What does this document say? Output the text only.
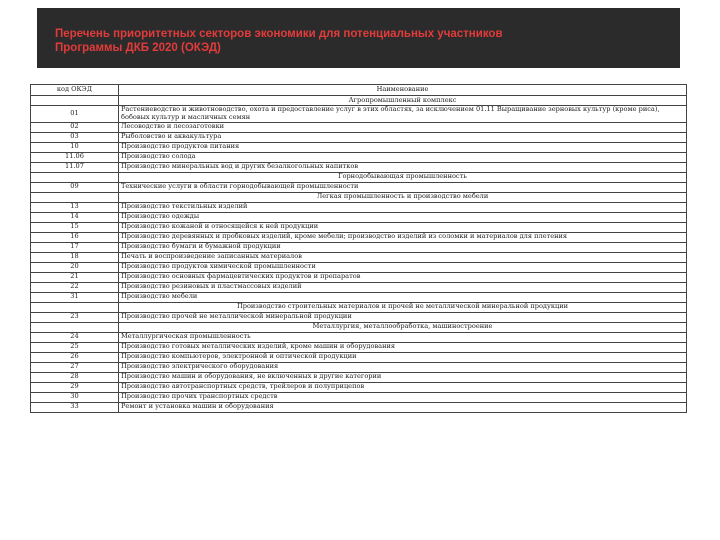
Перечень приоритетных секторов экономики для потенциальных участников
Программы ДКБ 2020 (ОКЭД)
код ОКЭД	Наименование
	Агропромышленный комплекс
01	Растениеводство и животноводство, охота и предоставление услуг в этих областях, за исключением 01.11 Выращивание зерновых культур (кроме риса), бобовых культур и масличных семян
02	Лесоводство и лесозаготовки
03	Рыболовство и аквакультура
10	Производство продуктов питания
11.06	Производство солода
11.07	Производство минеральных вод и других безалкогольных напитков
	Горнодобывающая промышленность
09	Технические услуги в области горнодобывающей промышленности
	Легкая промышленность и производство мебели
13	Производство текстильных изделий
14	Производство одежды
15	Производство кожаной и относящейся к ней продукции
16	Производство деревянных и пробковых изделий, кроме мебели; производство изделий из соломки и материалов для плетения
17	Производство бумаги и бумажной продукции
18	Печать и воспроизведение записанных материалов
20	Производство продуктов химической промышленности
21	Производство основных фармацевтических продуктов и препаратов
22	Производство резиновых и пластмассовых изделий
31	Производство мебели
	Производство строительных материалов и прочей не металлической минеральной продукции
23	Производство прочей не металлической минеральной продукции
	Металлургия, металлообработка, машиностроение
24	Металлургическая промышленность
25	Производство готовых металлических изделий, кроме машин и оборудования
26	Производство компьютеров, электронной и оптической продукции
27	Производство электрического оборудования
28	Производство машин и оборудования, не включенных в другие категории
29	Производство автотранспортных средств, трейлеров и полуприцепов
30	Производство прочих транспортных средств
33	Ремонт и установка машин и оборудования
